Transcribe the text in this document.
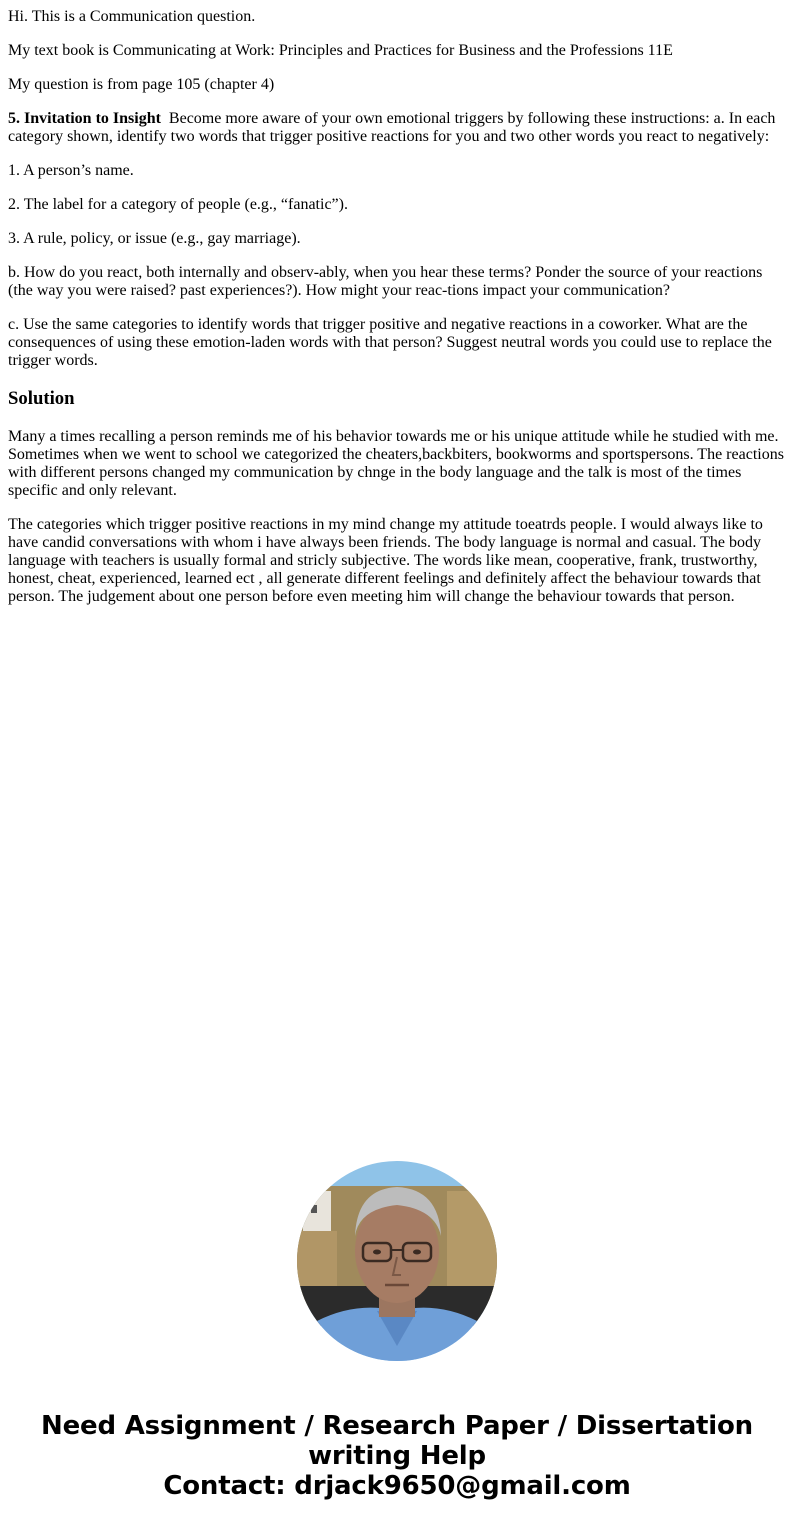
Hi. This is a Communication question.

My text book is Communicating at Work: Principles and Practices for Business and the Professions 11E

My question is from page 105 (chapter 4)

5. Invitation to Insight Become more aware of your own emotional triggers by following these instructions: a. In each category shown, identify two words that trigger positive reactions for you and two other words you react to negatively:

1. A person’s name.

2. The label for a category of people (e.g., “fanatic”).

3. A rule, policy, or issue (e.g., gay marriage).

b. How do you react, both internally and observ-ably, when you hear these terms? Ponder the source of your reactions (the way you were raised? past experiences?). How might your reac-tions impact your communication?

c. Use the same categories to identify words that trigger positive and negative reactions in a coworker. What are the consequences of using these emotion-laden words with that person? Suggest neutral words you could use to replace the trigger words.

Solution

Many a times recalling a person reminds me of his behavior towards me or his unique attitude while he studied with me. Sometimes when we went to school we categorized the cheaters,backbiters, bookworms and sportspersons. The reactions with different persons changed my communication by chnge in the body language and the talk is most of the times specific and only relevant.

The categories which trigger positive reactions in my mind change my attitude toeatrds people. I would always like to have candid conversations with whom i have always been friends. The body language is normal and casual. The body language with teachers is usually formal and stricly subjective. The words like mean, cooperative, frank, trustworthy, honest, cheat, experienced, learned ect , all generate different feelings and definitely affect the behaviour towards that person. The judgement about one person before even meeting him will change the behaviour towards that person.

Need Assignment / Research Paper / Dissertation
writing Help
Contact: drjack9650@gmail.com
